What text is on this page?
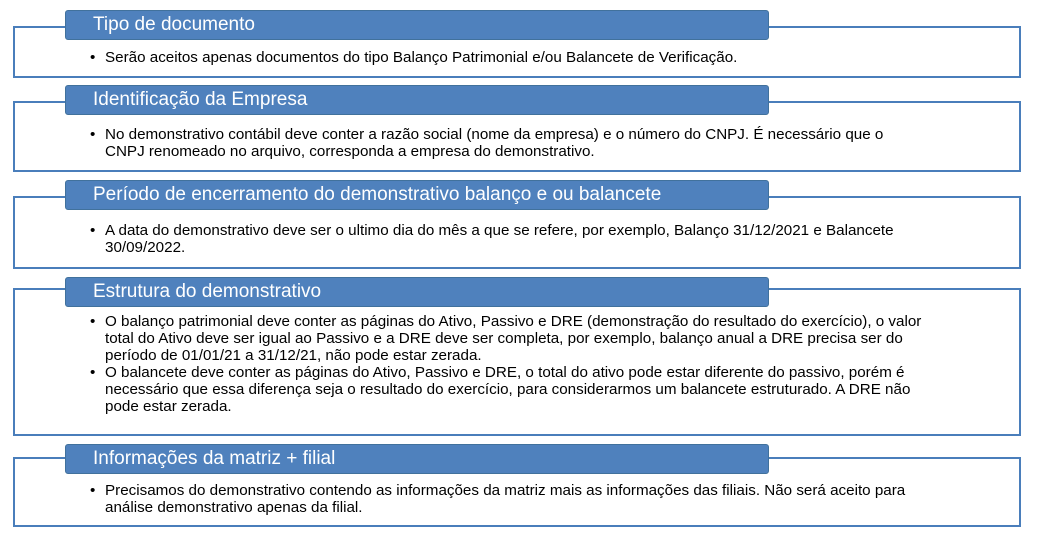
Tipo de documento
• Serão aceitos apenas documentos do tipo Balanço Patrimonial e/ou Balancete de Verificação.
Identificação da Empresa
• No demonstrativo contábil deve conter a razão social (nome da empresa) e o número do CNPJ. É necessário que o CNPJ renomeado no arquivo, corresponda a empresa do demonstrativo.
Período de encerramento do demonstrativo balanço e ou balancete
• A data do demonstrativo deve ser o ultimo dia do mês a que se refere, por exemplo, Balanço 31/12/2021 e Balancete 30/09/2022.
Estrutura do demonstrativo
• O balanço patrimonial deve conter as páginas do Ativo, Passivo e DRE (demonstração do resultado do exercício), o valor total do Ativo deve ser igual ao Passivo e a DRE deve ser completa, por exemplo, balanço anual a DRE precisa ser do período de 01/01/21 a 31/12/21, não pode estar zerada.
• O balancete deve conter as páginas do Ativo, Passivo e DRE, o total do ativo pode estar diferente do passivo, porém é necessário que essa diferença seja o resultado do exercício, para considerarmos um balancete estruturado. A DRE não pode estar zerada.
Informações da matriz + filial
• Precisamos do demonstrativo contendo as informações da matriz mais as informações das filiais. Não será aceito para análise demonstrativo apenas da filial.
